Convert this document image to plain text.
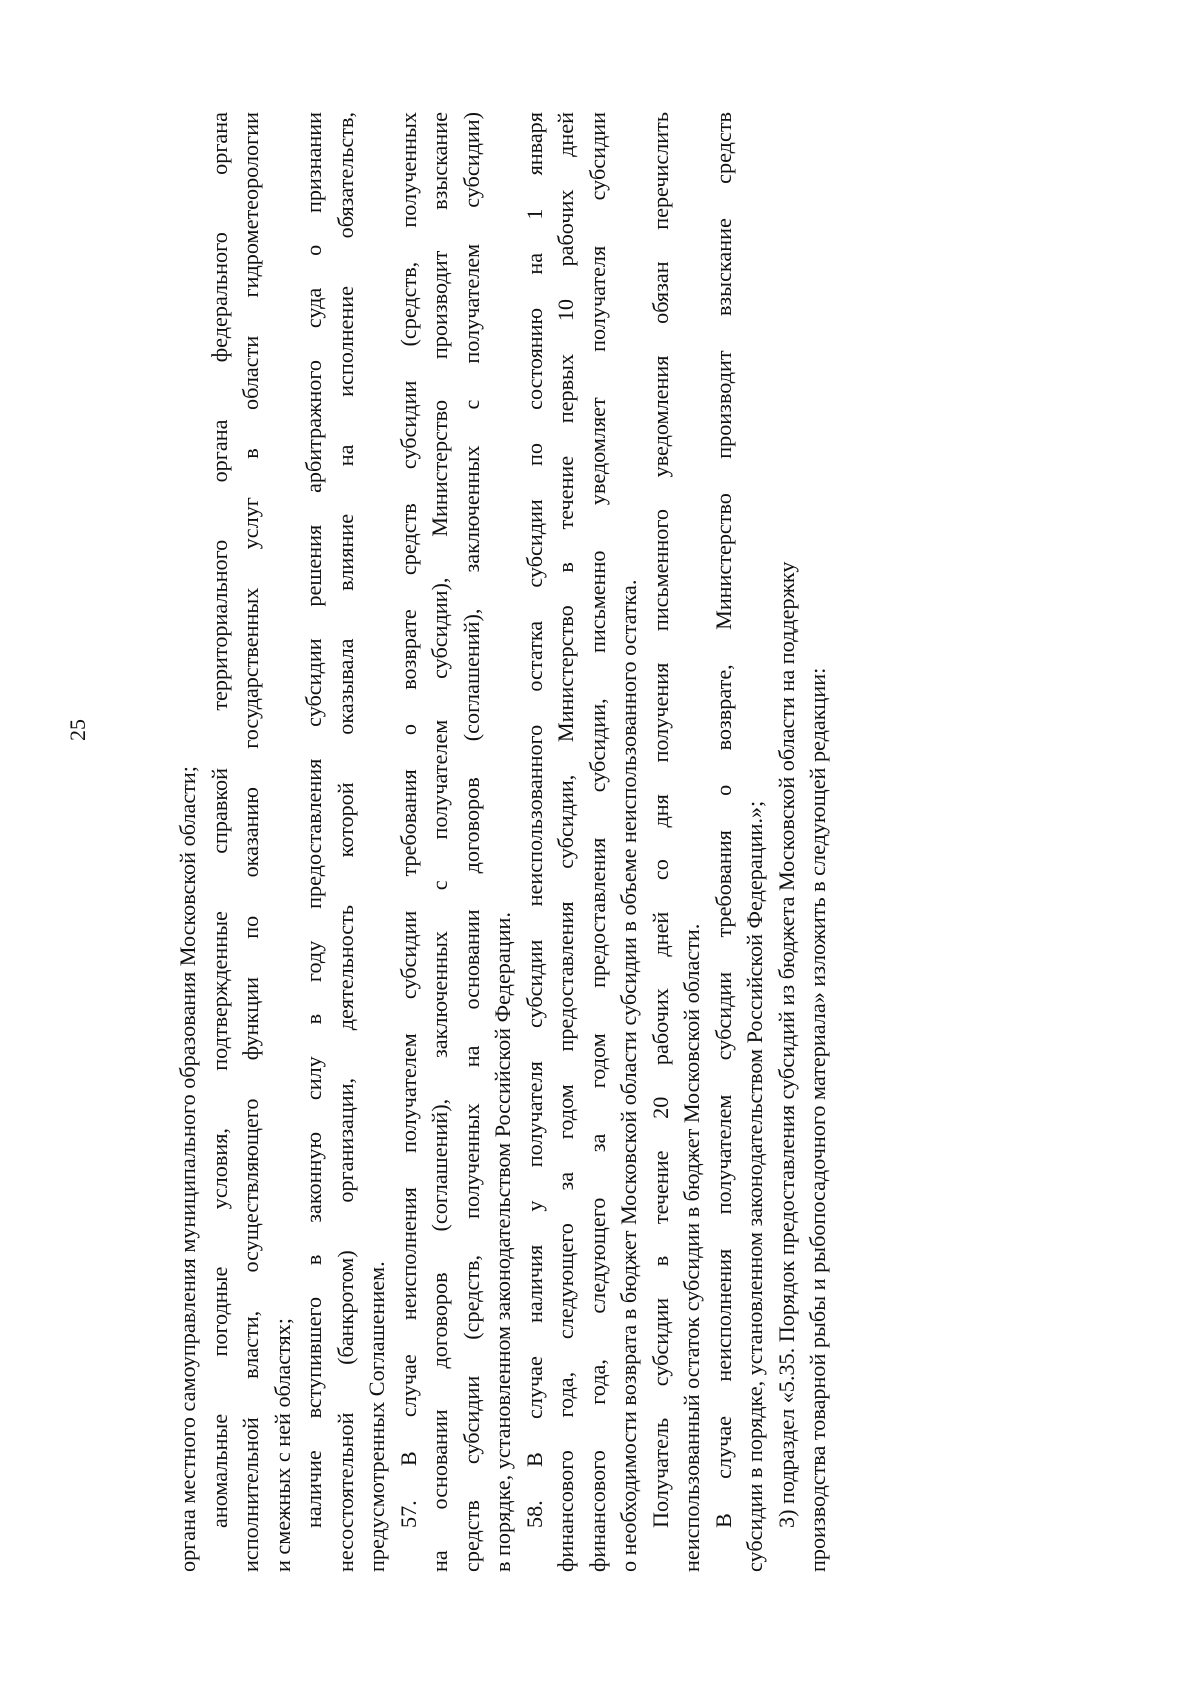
25
органа местного самоуправления муниципального образования Московской области; аномальные погодные условия, подтвержденные справкой территориального органа федерального органа исполнительной власти, осуществляющего функции по оказанию государственных услуг в области гидрометеорологии и смежных с ней областях; наличие вступившего в законную силу в году предоставления субсидии решения арбитражного суда о признании несостоятельной (банкротом) организации, деятельность которой оказывала влияние на исполнение обязательств, предусмотренных Соглашением. 57. В случае неисполнения получателем субсидии требования о возврате средств субсидии (средств, полученных на основании договоров (соглашений), заключенных с получателем субсидии), Министерство производит взыскание средств субсидии (средств, полученных на основании договоров (соглашений), заключенных с получателем субсидии) в порядке, установленном законодательством Российской Федерации. 58. В случае наличия у получателя субсидии неиспользованного остатка субсидии по состоянию на 1 января финансового года, следующего за годом предоставления субсидии, Министерство в течение первых 10 рабочих дней финансового года, следующего за годом предоставления субсидии, письменно уведомляет получателя субсидии о необходимости возврата в бюджет Московской области субсидии в объеме неиспользованного остатка. Получатель субсидии в течение 20 рабочих дней со дня получения письменного уведомления обязан перечислить неиспользованный остаток субсидии в бюджет Московской области. В случае неисполнения получателем субсидии требования о возврате, Министерство производит взыскание средств субсидии в порядке, установленном законодательством Российской Федерации.»; 3) подраздел «5.35. Порядок предоставления субсидий из бюджета Московской области на поддержку производства товарной рыбы и рыбопосадочного материала» изложить в следующей редакции:
